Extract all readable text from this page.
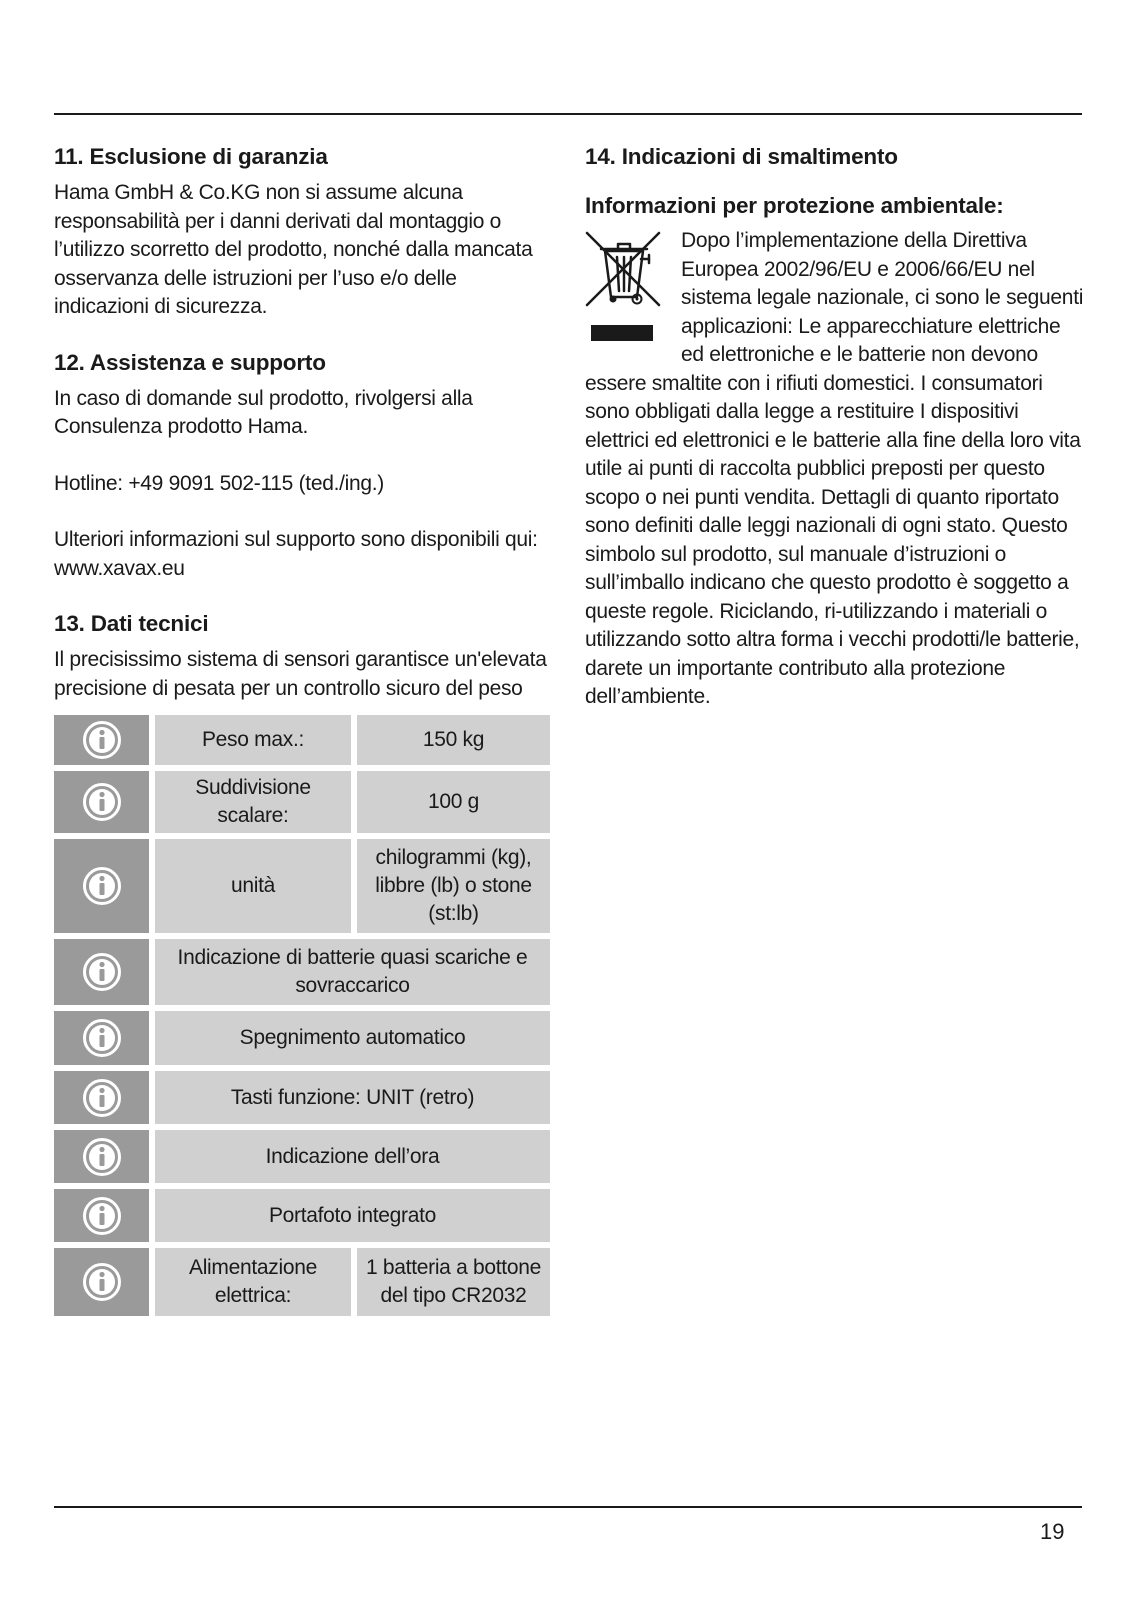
11. Esclusione di garanzia

Hama GmbH & Co.KG non si assume alcuna responsabilità per i danni derivati dal montaggio o l’utilizzo scorretto del prodotto, nonché dalla mancata osservanza delle istruzioni per l’uso e/o delle indicazioni di sicurezza.

12. Assistenza e supporto

In caso di domande sul prodotto, rivolgersi alla Consulenza prodotto Hama.

Hotline: +49 9091 502-115 (ted./ing.)

Ulteriori informazioni sul supporto sono disponibili qui: www.xavax.eu

13. Dati tecnici

Il precisissimo sistema di sensori garantisce un'elevata precisione di pesata per un controllo sicuro del peso

Peso max.:	150 kg
Suddivisione scalare:
100 g
unità
chilogrammi (kg), libbre (lb) o stone (st:lb)
Indicazione di batterie quasi scariche e sovraccarico
Spegnimento automatico
Tasti funzione: UNIT (retro)
Indicazione dell’ora
Portafoto integrato
Alimentazione elettrica:
1 batteria a bottone del tipo CR2032
14. Indicazioni di smaltimento
Informazioni per protezione ambientale:

Dopo l’implementazione della Direttiva Europea 2002/96/EU e 2006/66/EU nel sistema legale nazionale, ci sono le seguenti applicazioni: Le apparecchiature elettriche ed elettroniche e le batterie non devono essere smaltite con i rifiuti domestici. I consumatori sono obbligati dalla legge a restituire I dispositivi elettrici ed elettronici e le batterie alla fine della loro vita utile ai punti di raccolta pubblici preposti per questo scopo o nei punti vendita. Dettagli di quanto riportato sono definiti dalle leggi nazionali di ogni stato. Questo simbolo sul prodotto, sul manuale d’istruzioni o sull’imballo indicano che questo prodotto è soggetto a queste regole. Riciclando, ri-utilizzando i materiali o utilizzando sotto altra forma i vecchi prodotti/le batterie, darete un importante contributo alla protezione dell’ambiente.

19
